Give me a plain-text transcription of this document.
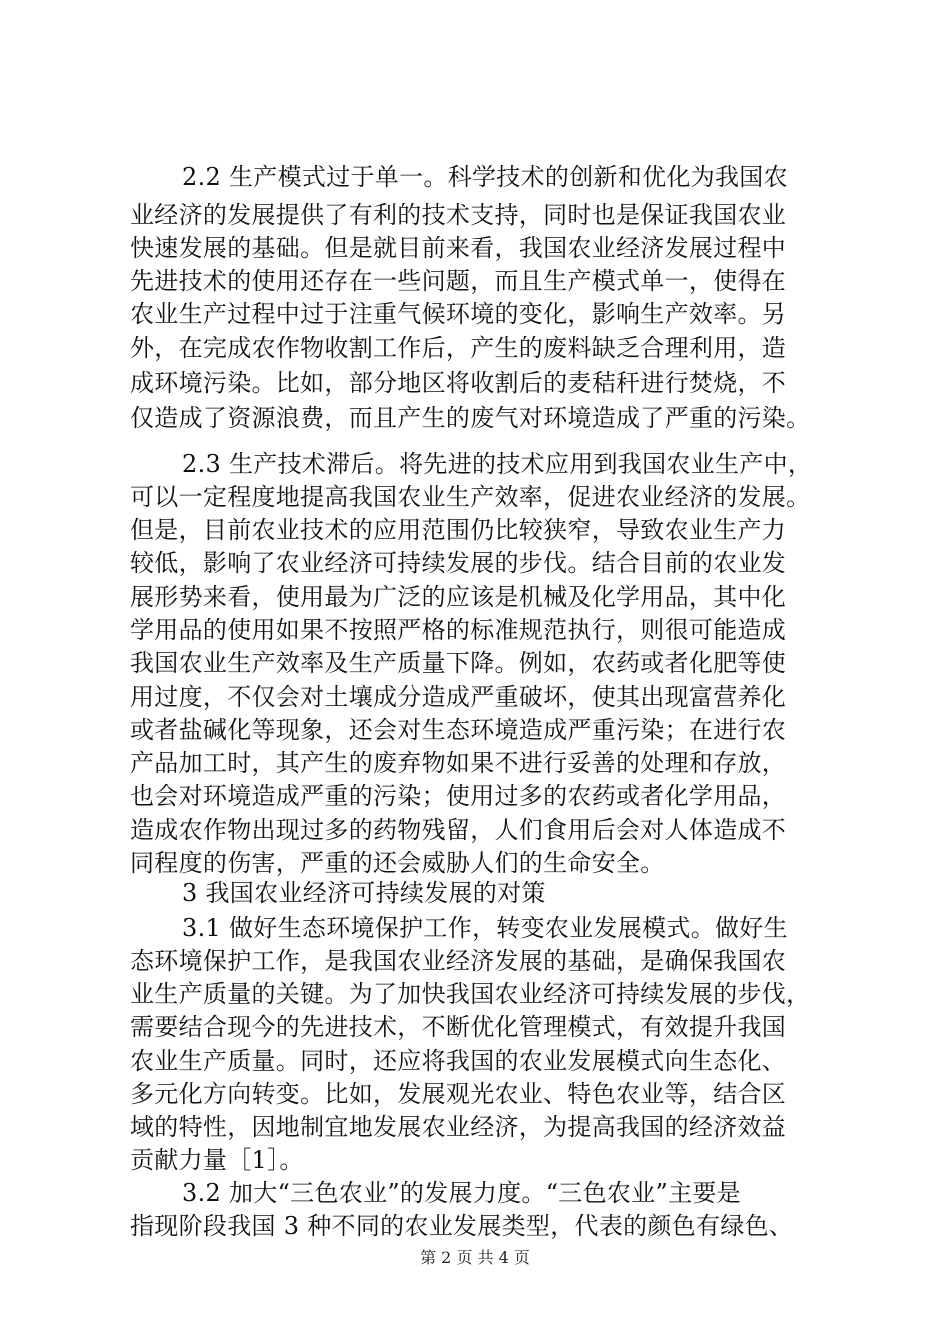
2.2 生产模式过于单一。科学技术的创新和优化为我国农
业经济的发展提供了有利的技术支持，同时也是保证我国农业
快速发展的基础。但是就目前来看，我国农业经济发展过程中
先进技术的使用还存在一些问题，而且生产模式单一，使得在
农业生产过程中过于注重气候环境的变化，影响生产效率。另
外，在完成农作物收割工作后，产生的废料缺乏合理利用，造
成环境污染。比如，部分地区将收割后的麦秸秆进行焚烧，不
仅造成了资源浪费，而且产生的废气对环境造成了严重的污染。
2.3 生产技术滞后。将先进的技术应用到我国农业生产中，
可以一定程度地提高我国农业生产效率，促进农业经济的发展。
但是，目前农业技术的应用范围仍比较狭窄，导致农业生产力
较低，影响了农业经济可持续发展的步伐。结合目前的农业发
展形势来看，使用最为广泛的应该是机械及化学用品，其中化
学用品的使用如果不按照严格的标准规范执行，则很可能造成
我国农业生产效率及生产质量下降。例如，农药或者化肥等使
用过度，不仅会对土壤成分造成严重破坏，使其出现富营养化
或者盐碱化等现象，还会对生态环境造成严重污染；在进行农
产品加工时，其产生的废弃物如果不进行妥善的处理和存放，
也会对环境造成严重的污染；使用过多的农药或者化学用品，
造成农作物出现过多的药物残留，人们食用后会对人体造成不
同程度的伤害，严重的还会威胁人们的生命安全。
3 我国农业经济可持续发展的对策
3.1 做好生态环境保护工作，转变农业发展模式。做好生
态环境保护工作，是我国农业经济发展的基础，是确保我国农
业生产质量的关键。为了加快我国农业经济可持续发展的步伐，
需要结合现今的先进技术，不断优化管理模式，有效提升我国
农业生产质量。同时，还应将我国的农业发展模式向生态化、
多元化方向转变。比如，发展观光农业、特色农业等，结合区
域的特性，因地制宜地发展农业经济，为提高我国的经济效益
贡献力量［1］。
3.2 加大“三色农业”的发展力度。“三色农业”主要是
指现阶段我国 3 种不同的农业发展类型，代表的颜色有绿色、
第 2 页 共 4 页
